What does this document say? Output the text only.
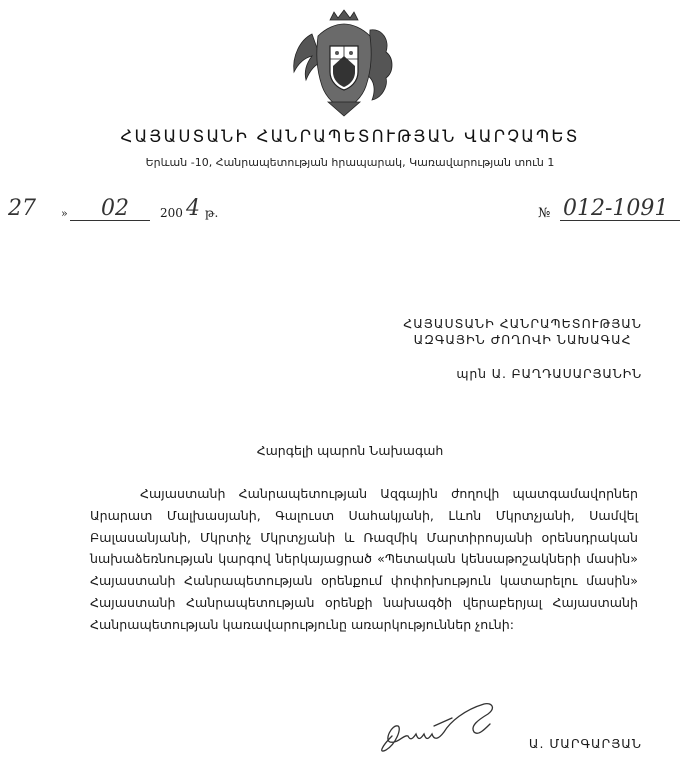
ՀԱՅԱՍՏԱՆԻ ՀԱՆՐԱՊԵՏՈՒԹՅԱՆ ՎԱՐՉԱՊԵՏ
Երևան -10, Հանրապետության հրապարակ, Կառավարության տուն 1
27 » 02	200 4 թ.	№ 012-1091
ՀԱՅԱՍՏԱՆԻ ՀԱՆՐԱՊԵՏՈՒԹՅԱՆ
ԱԶԳԱՅԻՆ ԺՈՂՈՎԻ ՆԱԽԱԳԱՀ
պրն Ա. ԲԱՂԴԱՍԱՐՅԱՆԻՆ
Հարգելի պարոն Նախագահ
Հայաստանի Հանրապետության Ազգային ժողովի պատգամավորներ Արարատ Մալխասյանի, Գալուստ Սահակյանի, Լևոն Մկրտչյանի, Սամվել Բալասանյանի, Մկրտիչ Մկրտչյանի և Ռազմիկ Մարտիրոսյանի օրենսդրական նախաձեռնության կարգով ներկայացրած «Պետական կենսաթոշակների մասին» Հայաստանի Հանրապետության օրենքում փոփոխություն կատարելու մասին» Հայաստանի Հանրապետության օրենքի նախագծի վերաբերյալ Հայաստանի Հանրապետության կառավարությունը առարկություններ չունի:
Ա. ՄԱՐԳԱՐՅԱՆ
